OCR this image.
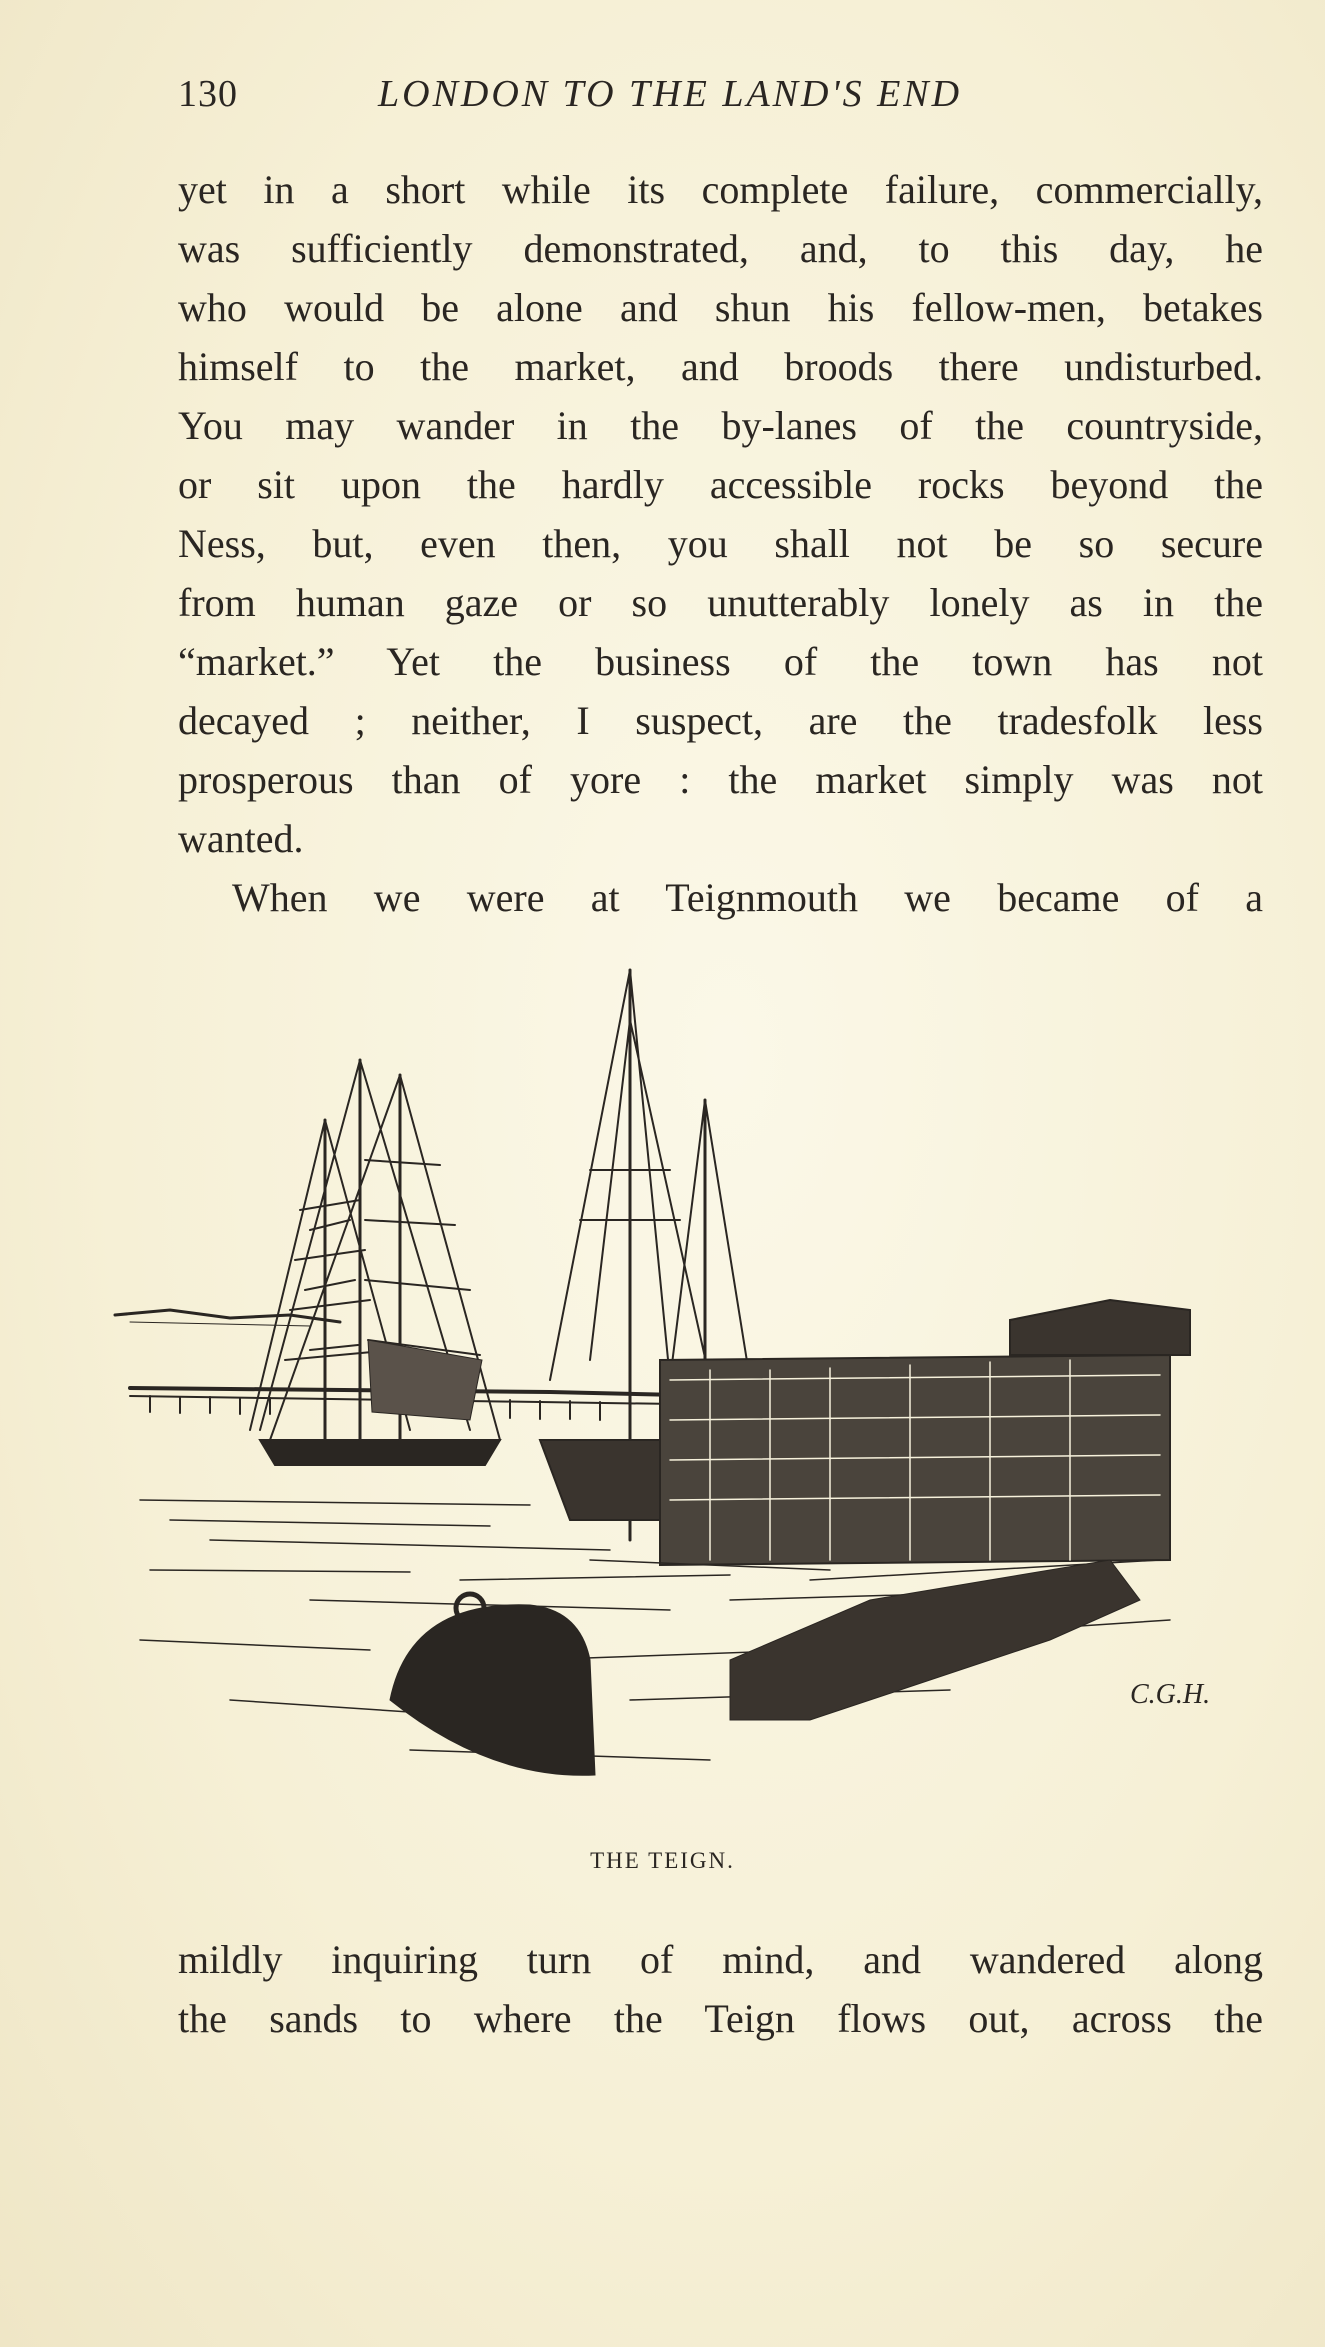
130	LONDON TO THE LAND'S END
yet in a short while its complete failure, commercially,
was sufficiently demonstrated, and, to this day, he
who would be alone and shun his fellow-men, betakes
himself to the market, and broods there undisturbed.
You may wander in the by-lanes of the countryside,
or sit upon the hardly accessible rocks beyond the
Ness, but, even then, you shall not be so secure
from human gaze or so unutterably lonely as in the
“market.” Yet the business of the town has not
decayed ; neither, I suspect, are the tradesfolk less
prosperous than of yore : the market simply was not
wanted.
When we were at Teignmouth we became of a
C.G.H.
THE TEIGN.
mildly inquiring turn of mind, and wandered along
the sands to where the Teign flows out, across the
